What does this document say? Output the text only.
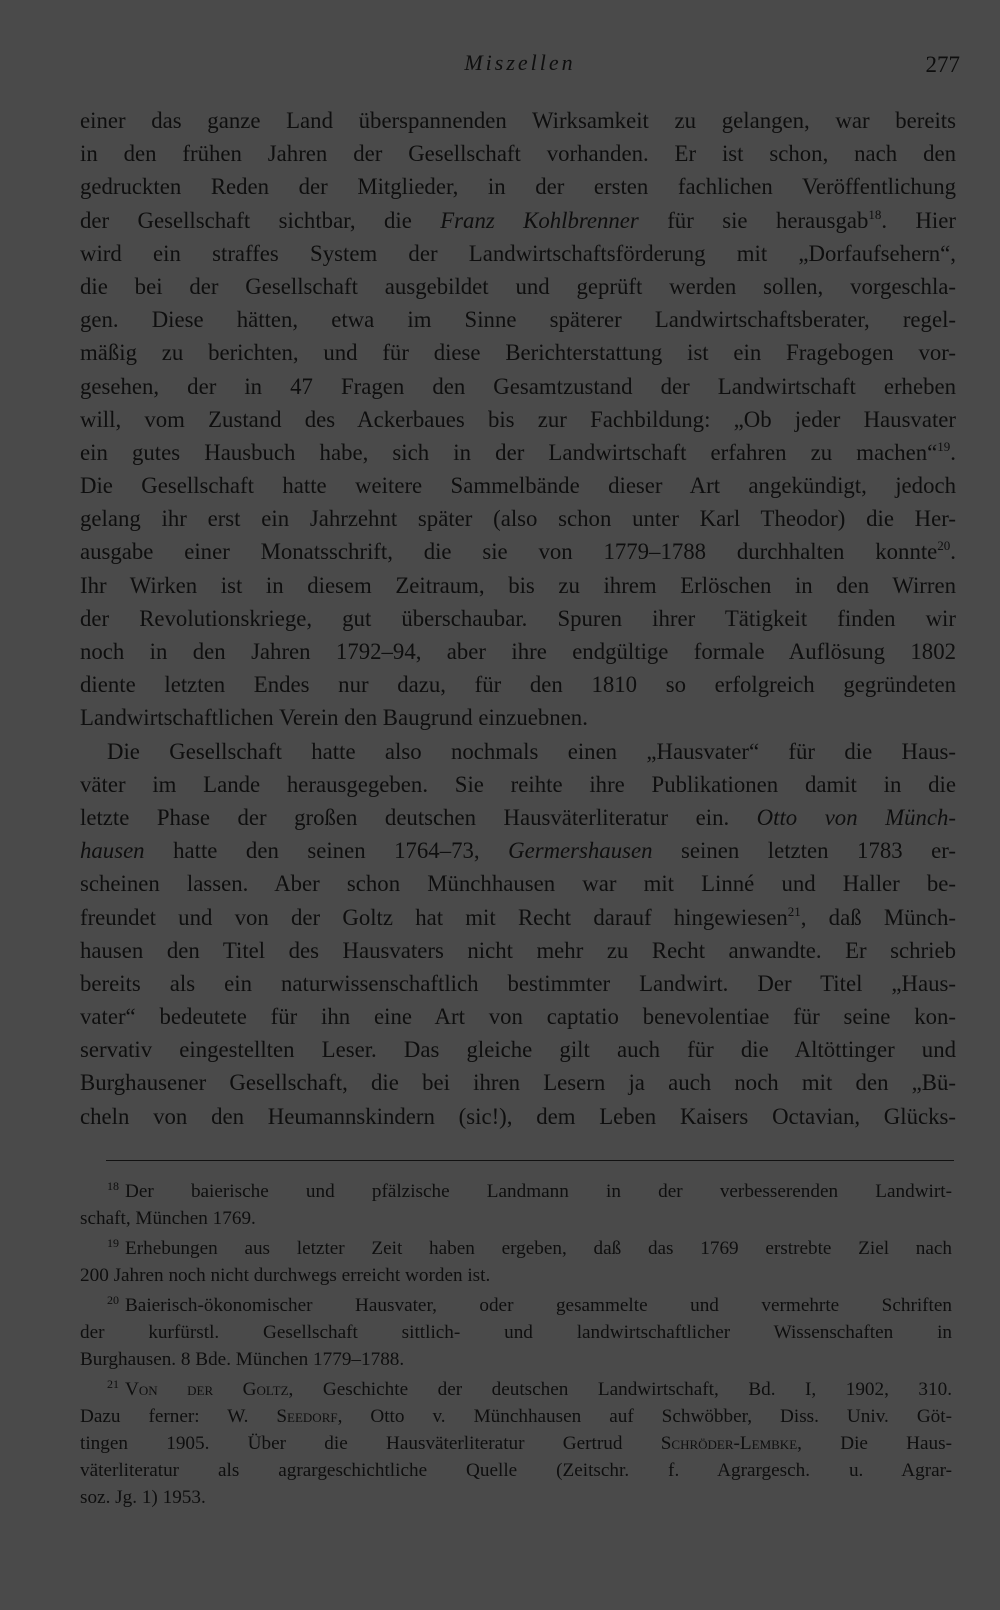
Miszellen	277
einer das ganze Land überspannenden Wirksamkeit zu gelangen, war bereits
in den frühen Jahren der Gesellschaft vorhanden. Er ist schon, nach den
gedruckten Reden der Mitglieder, in der ersten fachlichen Veröffentlichung
der Gesellschaft sichtbar, die Franz Kohlbrenner für sie herausgab$^{18}$. Hier
wird ein straffes System der Landwirtschaftsförderung mit „Dorfaufsehern“,
die bei der Gesellschaft ausgebildet und geprüft werden sollen, vorgeschla-
gen. Diese hätten, etwa im Sinne späterer Landwirtschaftsberater, regel-
mäßig zu berichten, und für diese Berichterstattung ist ein Fragebogen vor-
gesehen, der in 47 Fragen den Gesamtzustand der Landwirtschaft erheben
will, vom Zustand des Ackerbaues bis zur Fachbildung: „Ob jeder Hausvater
ein gutes Hausbuch habe, sich in der Landwirtschaft erfahren zu machen“$^{19}$.
Die Gesellschaft hatte weitere Sammelbände dieser Art angekündigt, jedoch
gelang ihr erst ein Jahrzehnt später (also schon unter Karl Theodor) die Her-
ausgabe einer Monatsschrift, die sie von 1779–1788 durchhalten konnte$^{20}$.
Ihr Wirken ist in diesem Zeitraum, bis zu ihrem Erlöschen in den Wirren
der Revolutionskriege, gut überschaubar. Spuren ihrer Tätigkeit finden wir
noch in den Jahren 1792–94, aber ihre endgültige formale Auflösung 1802
diente letzten Endes nur dazu, für den 1810 so erfolgreich gegründeten
Landwirtschaftlichen Verein den Baugrund einzuebnen.
Die Gesellschaft hatte also nochmals einen „Hausvater“ für die Haus-
väter im Lande herausgegeben. Sie reihte ihre Publikationen damit in die
letzte Phase der großen deutschen Hausväterliteratur ein. Otto von Münch-
hausen hatte den seinen 1764–73, Germershausen seinen letzten 1783 er-
scheinen lassen. Aber schon Münchhausen war mit Linné und Haller be-
freundet und von der Goltz hat mit Recht darauf hingewiesen$^{21}$, daß Münch-
hausen den Titel des Hausvaters nicht mehr zu Recht anwandte. Er schrieb
bereits als ein naturwissenschaftlich bestimmter Landwirt. Der Titel „Haus-
vater“ bedeutete für ihn eine Art von captatio benevolentiae für seine kon-
servativ eingestellten Leser. Das gleiche gilt auch für die Altöttinger und
Burghausener Gesellschaft, die bei ihren Lesern ja auch noch mit den „Bü-
cheln von den Heumannskindern (sic!), dem Leben Kaisers Octavian, Glücks-
$^{18}$ Der baierische und pfälzische Landmann in der verbesserenden Landwirt-
schaft, München 1769.
$^{19}$ Erhebungen aus letzter Zeit haben ergeben, daß das 1769 erstrebte Ziel nach
200 Jahren noch nicht durchwegs erreicht worden ist.
$^{20}$ Baierisch-ökonomischer Hausvater, oder gesammelte und vermehrte Schriften
der kurfürstl. Gesellschaft sittlich- und landwirtschaftlicher Wissenschaften in
Burghausen. 8 Bde. München 1779–1788.
$^{21}$ Von der Goltz, Geschichte der deutschen Landwirtschaft, Bd. I, 1902, 310.
Dazu ferner: W. Seedorf, Otto v. Münchhausen auf Schwöbber, Diss. Univ. Göt-
tingen 1905. Über die Hausväterliteratur Gertrud Schröder-Lembke, Die Haus-
väterliteratur als agrargeschichtliche Quelle (Zeitschr. f. Agrargesch. u. Agrar-
soz. Jg. 1) 1953.
